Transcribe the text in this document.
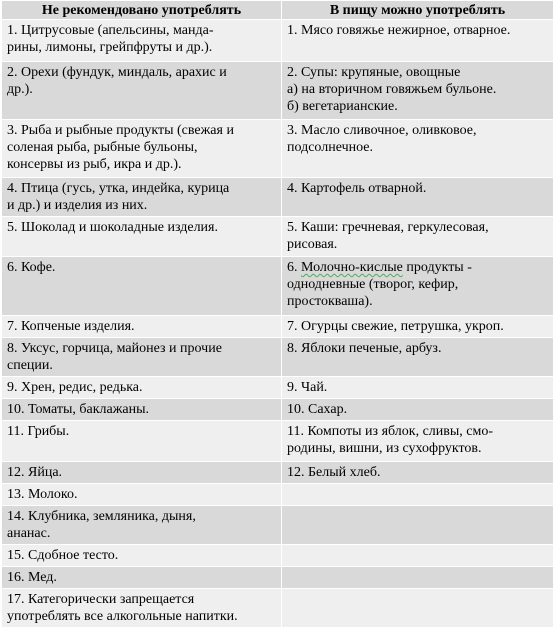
Не рекомендовано употреблять	В пищу можно употреблять

1. Цитрусовые (апельсины, манда-
рины, лимоны, грейпфруты и др.).	1. Мясо говяжье нежирное, отварное.

2. Орехи (фундук, миндаль, арахис и
др.).	2. Супы: крупяные, овощные
а) на вторичном говяжьем бульоне.
б) вегетарианские.

3. Рыба и рыбные продукты (свежая и
соленая рыба, рыбные бульоны,
консервы из рыб, икра и др.).	3. Масло сливочное, оливковое,
подсолнечное.

4. Птица (гусь, утка, индейка, курица
и др.) и изделия из них.	4. Картофель отварной.

5. Шоколад и шоколадные изделия.	5. Каши: гречневая, геркулесовая,
рисовая.

6. Кофе.	6. Молочно-кислые продукты -
однодневные (творог, кефир,
простокваша).

7. Копченые изделия.	7. Огурцы свежие, петрушка, укроп.

8. Уксус, горчица, майонез и прочие
специи.	8. Яблоки печеные, арбуз.

9. Хрен, редис, редька.	9. Чай.

10. Томаты, баклажаны.	10. Сахар.

11. Грибы.	11. Компоты из яблок, сливы, смо-
родины, вишни, из сухофруктов.

12. Яйца.	12. Белый хлеб.

13. Молоко.	

14. Клубника, земляника, дыня,
ананас.	

15. Сдобное тесто.	

16. Мед.	

17. Категорически запрещается
употреблять все алкогольные напитки.	
